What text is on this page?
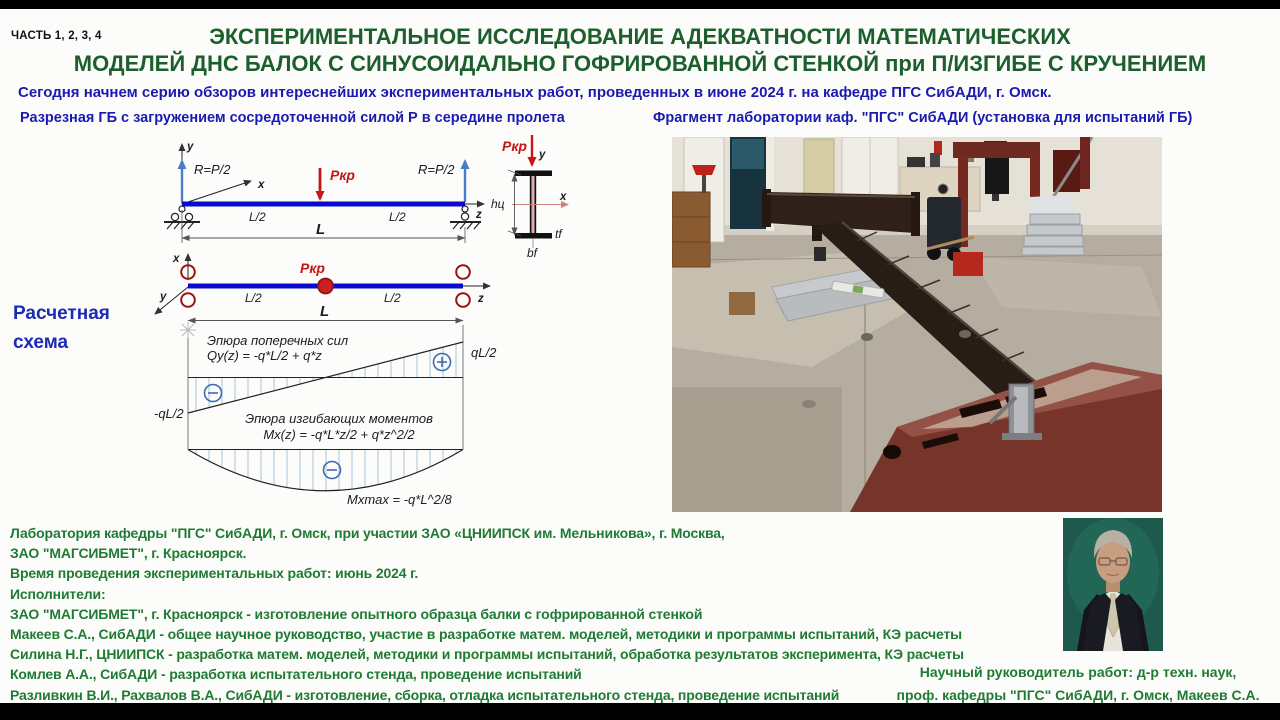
ЧАСТЬ 1, 2, 3, 4	ЭКСПЕРИМЕНТАЛЬНОЕ ИССЛЕДОВАНИЕ АДЕКВАТНОСТИ МАТЕМАТИЧЕСКИХ
МОДЕЛЕЙ ДНС БАЛОК С СИНУСОИДАЛЬНО ГОФРИРОВАННОЙ СТЕНКОЙ при П/ИЗГИБЕ С КРУЧЕНИЕМ
Сегодня начнем серию обзоров интереснейших экспериментальных работ, проведенных в июне 2024 г. на кафедре ПГС СибАДИ, г. Омск.
Разрезная ГБ с загружением сосредоточенной силой Р в середине пролета	Фрагмент лаборатории каф. "ПГС" СибАДИ (установка для испытаний ГБ)
Расчетная
схема
y
x
z
R=P/2	R=P/2
Ркр
L/2	L/2
L
Ркр
y
x
hц
tf
bf
x
y	z
Ркр
L/2	L/2
L
Эпюра поперечных сил
Qy(z) = -q*L/2 + q*z
-qL/2
qL/2
Эпюра изгибающих моментов
Mx(z) = -q*L*z/2 + q*z^2/2
Mxmax = -q*L^2/8
Лаборатория кафедры "ПГС" СибАДИ, г. Омск, при участии ЗАО «ЦНИИПСК им. Мельникова», г. Москва,
ЗАО "МАГСИБМЕТ", г. Красноярск.
Время проведения экспериментальных работ: июнь 2024 г.
Исполнители:
ЗАО "МАГСИБМЕТ", г. Красноярск - изготовление опытного образца балки с гофрированной стенкой
Макеев С.А., СибАДИ - общее научное руководство, участие в разработке матем. моделей, методики и программы испытаний, КЭ расчеты
Силина Н.Г., ЦНИИПСК - разработка матем. моделей, методики и программы испытаний, обработка результатов эксперимента, КЭ расчеты
Комлев А.А., СибАДИ - разработка испытательного стенда, проведение испытаний
Разливкин В.И., Рахвалов В.А., СибАДИ - изготовление, сборка, отладка испытательного стенда, проведение испытаний
Научный руководитель работ: д-р техн. наук,
проф. кафедры "ПГС" СибАДИ, г. Омск, Макеев С.А.
